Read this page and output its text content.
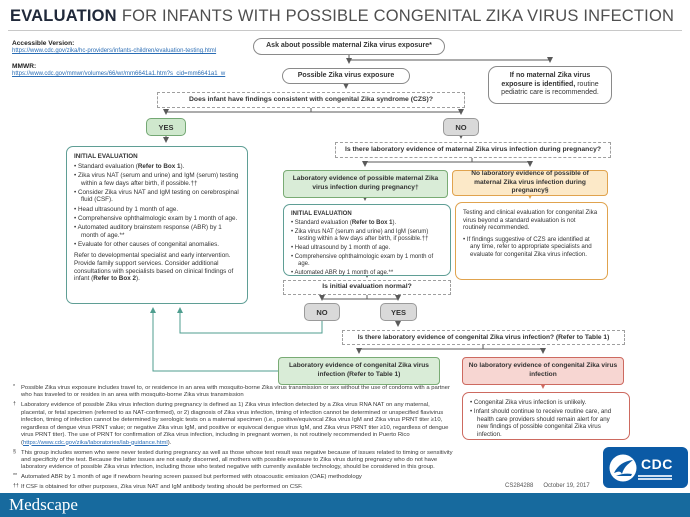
EVALUATION FOR INFANTS WITH POSSIBLE CONGENITAL ZIKA VIRUS INFECTION
Accessible Version:
https://www.cdc.gov/zika/hc-providers/infants-children/evaluation-testing.html
MMWR:
https://www.cdc.gov/mmwr/volumes/66/wr/mm6641a1.htm?s_cid=mm6641a1_w
Ask about possible maternal Zika virus exposure*
Possible Zika virus exposure	If no maternal Zika virus exposure is identified, routine pediatric care is recommended.
Does infant have findings consistent with congenital Zika syndrome (CZS)?
YES	NO
Is there laboratory evidence of maternal Zika virus infection during pregnancy?
INITIAL EVALUATION
• Standard evaluation (Refer to Box 1).
• Zika virus NAT (serum and urine) and IgM (serum) testing within a few days after birth, if possible.††
• Consider Zika virus NAT and IgM testing on cerebrospinal fluid (CSF).
• Head ultrasound by 1 month of age.
• Comprehensive ophthalmologic exam by 1 month of age.
• Automated auditory brainstem response (ABR) by 1 month of age.**
• Evaluate for other causes of congenital anomalies.
Refer to developmental specialist and early intervention. Provide family support services. Consider additional consultations with specialists based on clinical findings of infant (Refer to Box 2).
Laboratory evidence of possible maternal Zika virus infection during pregnancy†
INITIAL EVALUATION
• Standard evaluation (Refer to Box 1).
• Zika virus NAT (serum and urine) and IgM (serum) testing within a few days after birth, if possible.††
• Head ultrasound by 1 month of age.
• Comprehensive ophthalmologic exam by 1 month of age.
• Automated ABR by 1 month of age.**
No laboratory evidence of possible of maternal Zika virus infection during pregnancy§
Testing and clinical evaluation for congenital Zika virus beyond a standard evaluation is not routinely recommended.
• If findings suggestive of CZS are identified at any time, refer to appropriate specialists and evaluate for congenital Zika virus infection.
Is initial evaluation normal?
NO	YES
Is there laboratory evidence of congenital Zika virus infection? (Refer to Table 1)
Laboratory evidence of congenital Zika virus infection (Refer to Table 1)
No laboratory evidence of congenital Zika virus infection
• Congenital Zika virus infection is unlikely.
• Infant should continue to receive routine care, and health care providers should remain alert for any new findings of possible congenital Zika virus infection.
* Possible Zika virus exposure includes travel to, or residence in an area with mosquito-borne Zika virus transmission or sex without the use of condoms with a partner who has traveled to or resides in an area with mosquito-borne Zika virus transmission
† Laboratory evidence of possible Zika virus infection during pregnancy is defined as 1) Zika virus infection detected by a Zika virus RNA NAT on any maternal, placental, or fetal specimen (referred to as NAT-confirmed), or 2) diagnosis of Zika virus infection, timing of infection cannot be determined or unspecified flavivirus infection, timing of infection cannot be determined by serologic tests on a maternal specimen (i.e., positive/equivocal Zika virus IgM and Zika virus PRNT titer ≥10, regardless of dengue virus PRNT value; or negative Zika virus IgM, and positive or equivocal dengue virus IgM, and Zika virus PRNT titer ≥10, regardless of dengue virus PRNT titer). The use of PRNT for confirmation of Zika virus infection, including in pregnant women, is not routinely recommended in Puerto Rico (https://www.cdc.gov/zika/laboratories/lab-guidance.html).
§ This group includes women who were never tested during pregnancy as well as those whose test result was negative because of issues related to timing or sensitivity and specificity of the test. Because the latter issues are not easily discerned, all mothers with possible exposure to Zika virus during pregnancy who do not have laboratory evidence of possible Zika virus infection, including those who tested negative with currently available technology, should be considered in this group.
** Automated ABR by 1 month of age if newborn hearing screen passed but performed with otoacoustic emission (OAE) methodology
†† If CSF is obtained for other purposes, Zika virus NAT and IgM antibody testing should be performed on CSF.	CS284288 October 19, 2017
CDC
Medscape
